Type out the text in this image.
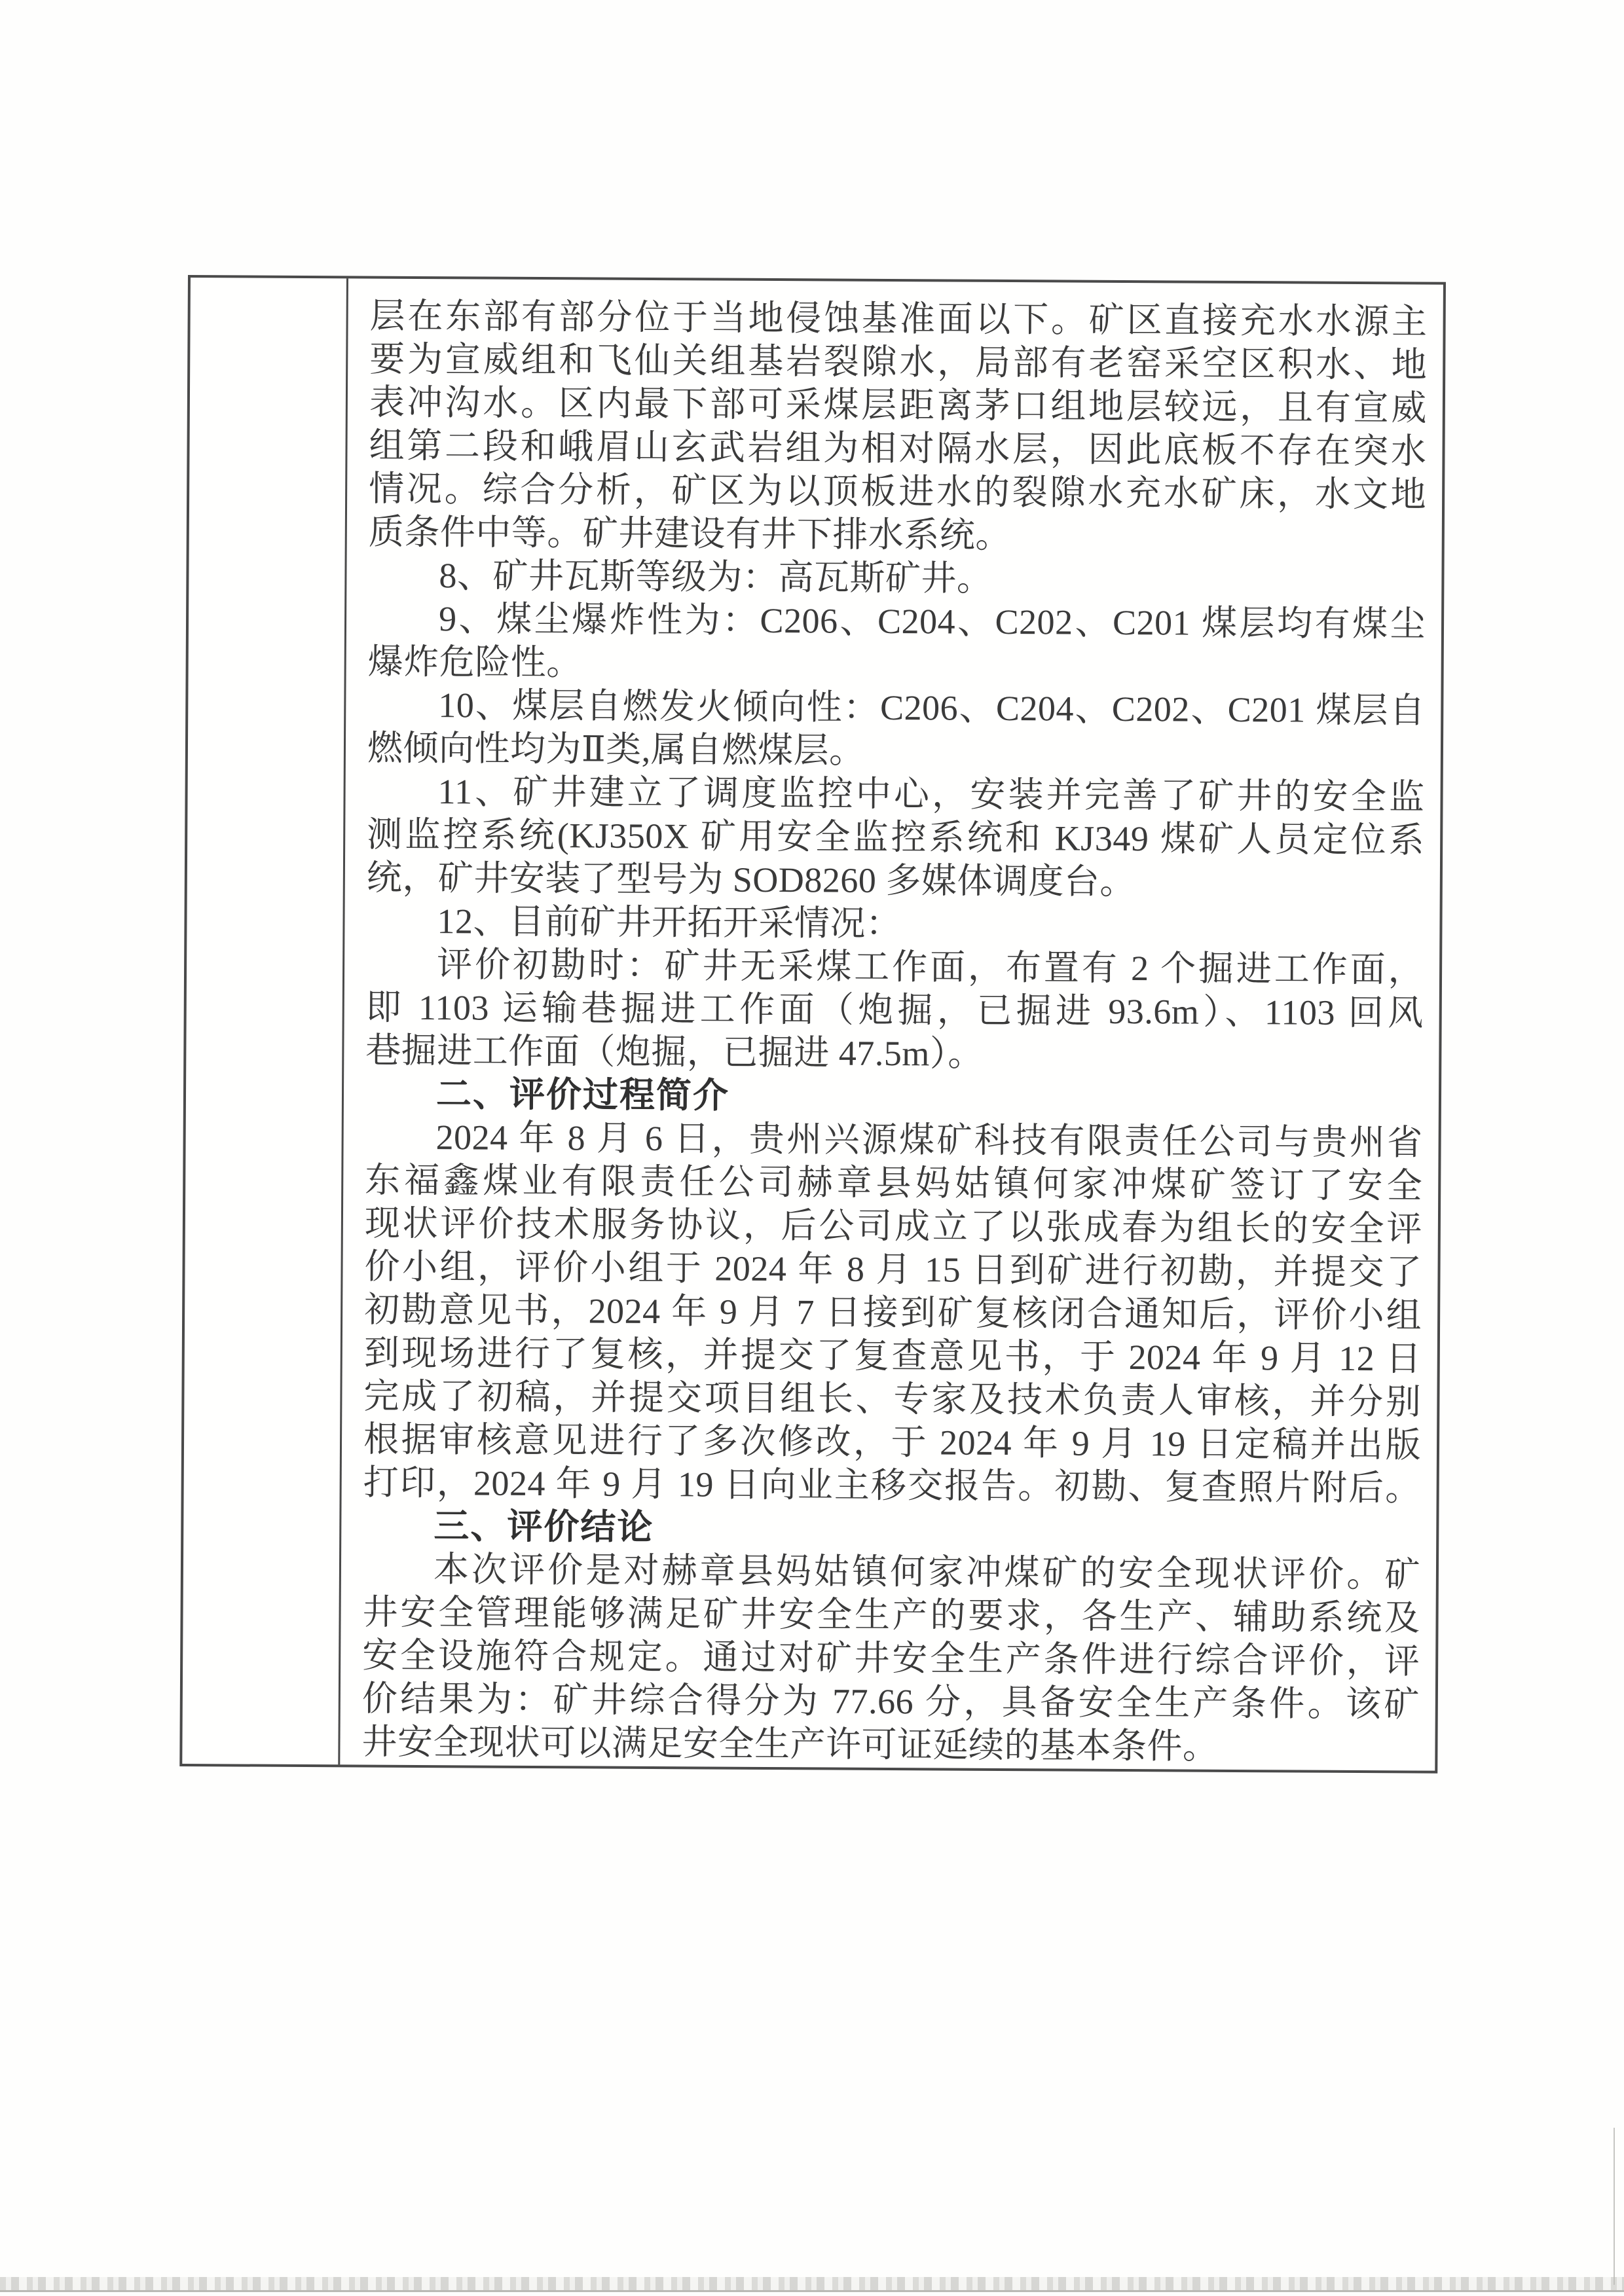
层在东部有部分位于当地侵蚀基准面以下。矿区直接充水水源主
要为宣威组和飞仙关组基岩裂隙水，局部有老窑采空区积水、地
表冲沟水。区内最下部可采煤层距离茅口组地层较远，且有宣威
组第二段和峨眉山玄武岩组为相对隔水层，因此底板不存在突水
情况。综合分析，矿区为以顶板进水的裂隙水充水矿床，水文地
质条件中等。矿井建设有井下排水系统。
8、矿井瓦斯等级为：高瓦斯矿井。
9、煤尘爆炸性为：C206、C204、C202、C201 煤层均有煤尘
爆炸危险性。
10、煤层自燃发火倾向性：C206、C204、C202、C201 煤层自
燃倾向性均为Ⅱ类,属自燃煤层。
11、矿井建立了调度监控中心，安装并完善了矿井的安全监
测监控系统(KJ350X 矿用安全监控系统和 KJ349 煤矿人员定位系
统，矿井安装了型号为 SOD8260 多媒体调度台。
12、目前矿井开拓开采情况：
评价初勘时：矿井无采煤工作面，布置有 2 个掘进工作面，
即 1103 运输巷掘进工作面（炮掘，已掘进 93.6m）、1103 回风
巷掘进工作面（炮掘，已掘进 47.5m）。
二、评价过程简介
2024 年 8 月 6 日，贵州兴源煤矿科技有限责任公司与贵州省
东福鑫煤业有限责任公司赫章县妈姑镇何家冲煤矿签订了安全
现状评价技术服务协议，后公司成立了以张成春为组长的安全评
价小组，评价小组于 2024 年 8 月 15 日到矿进行初勘，并提交了
初勘意见书，2024 年 9 月 7 日接到矿复核闭合通知后，评价小组
到现场进行了复核，并提交了复查意见书，于 2024 年 9 月 12 日
完成了初稿，并提交项目组长、专家及技术负责人审核，并分别
根据审核意见进行了多次修改，于 2024 年 9 月 19 日定稿并出版
打印，2024 年 9 月 19 日向业主移交报告。初勘、复查照片附后。
三、评价结论
本次评价是对赫章县妈姑镇何家冲煤矿的安全现状评价。矿
井安全管理能够满足矿井安全生产的要求，各生产、辅助系统及
安全设施符合规定。通过对矿井安全生产条件进行综合评价，评
价结果为：矿井综合得分为 77.66 分，具备安全生产条件。该矿
井安全现状可以满足安全生产许可证延续的基本条件。
